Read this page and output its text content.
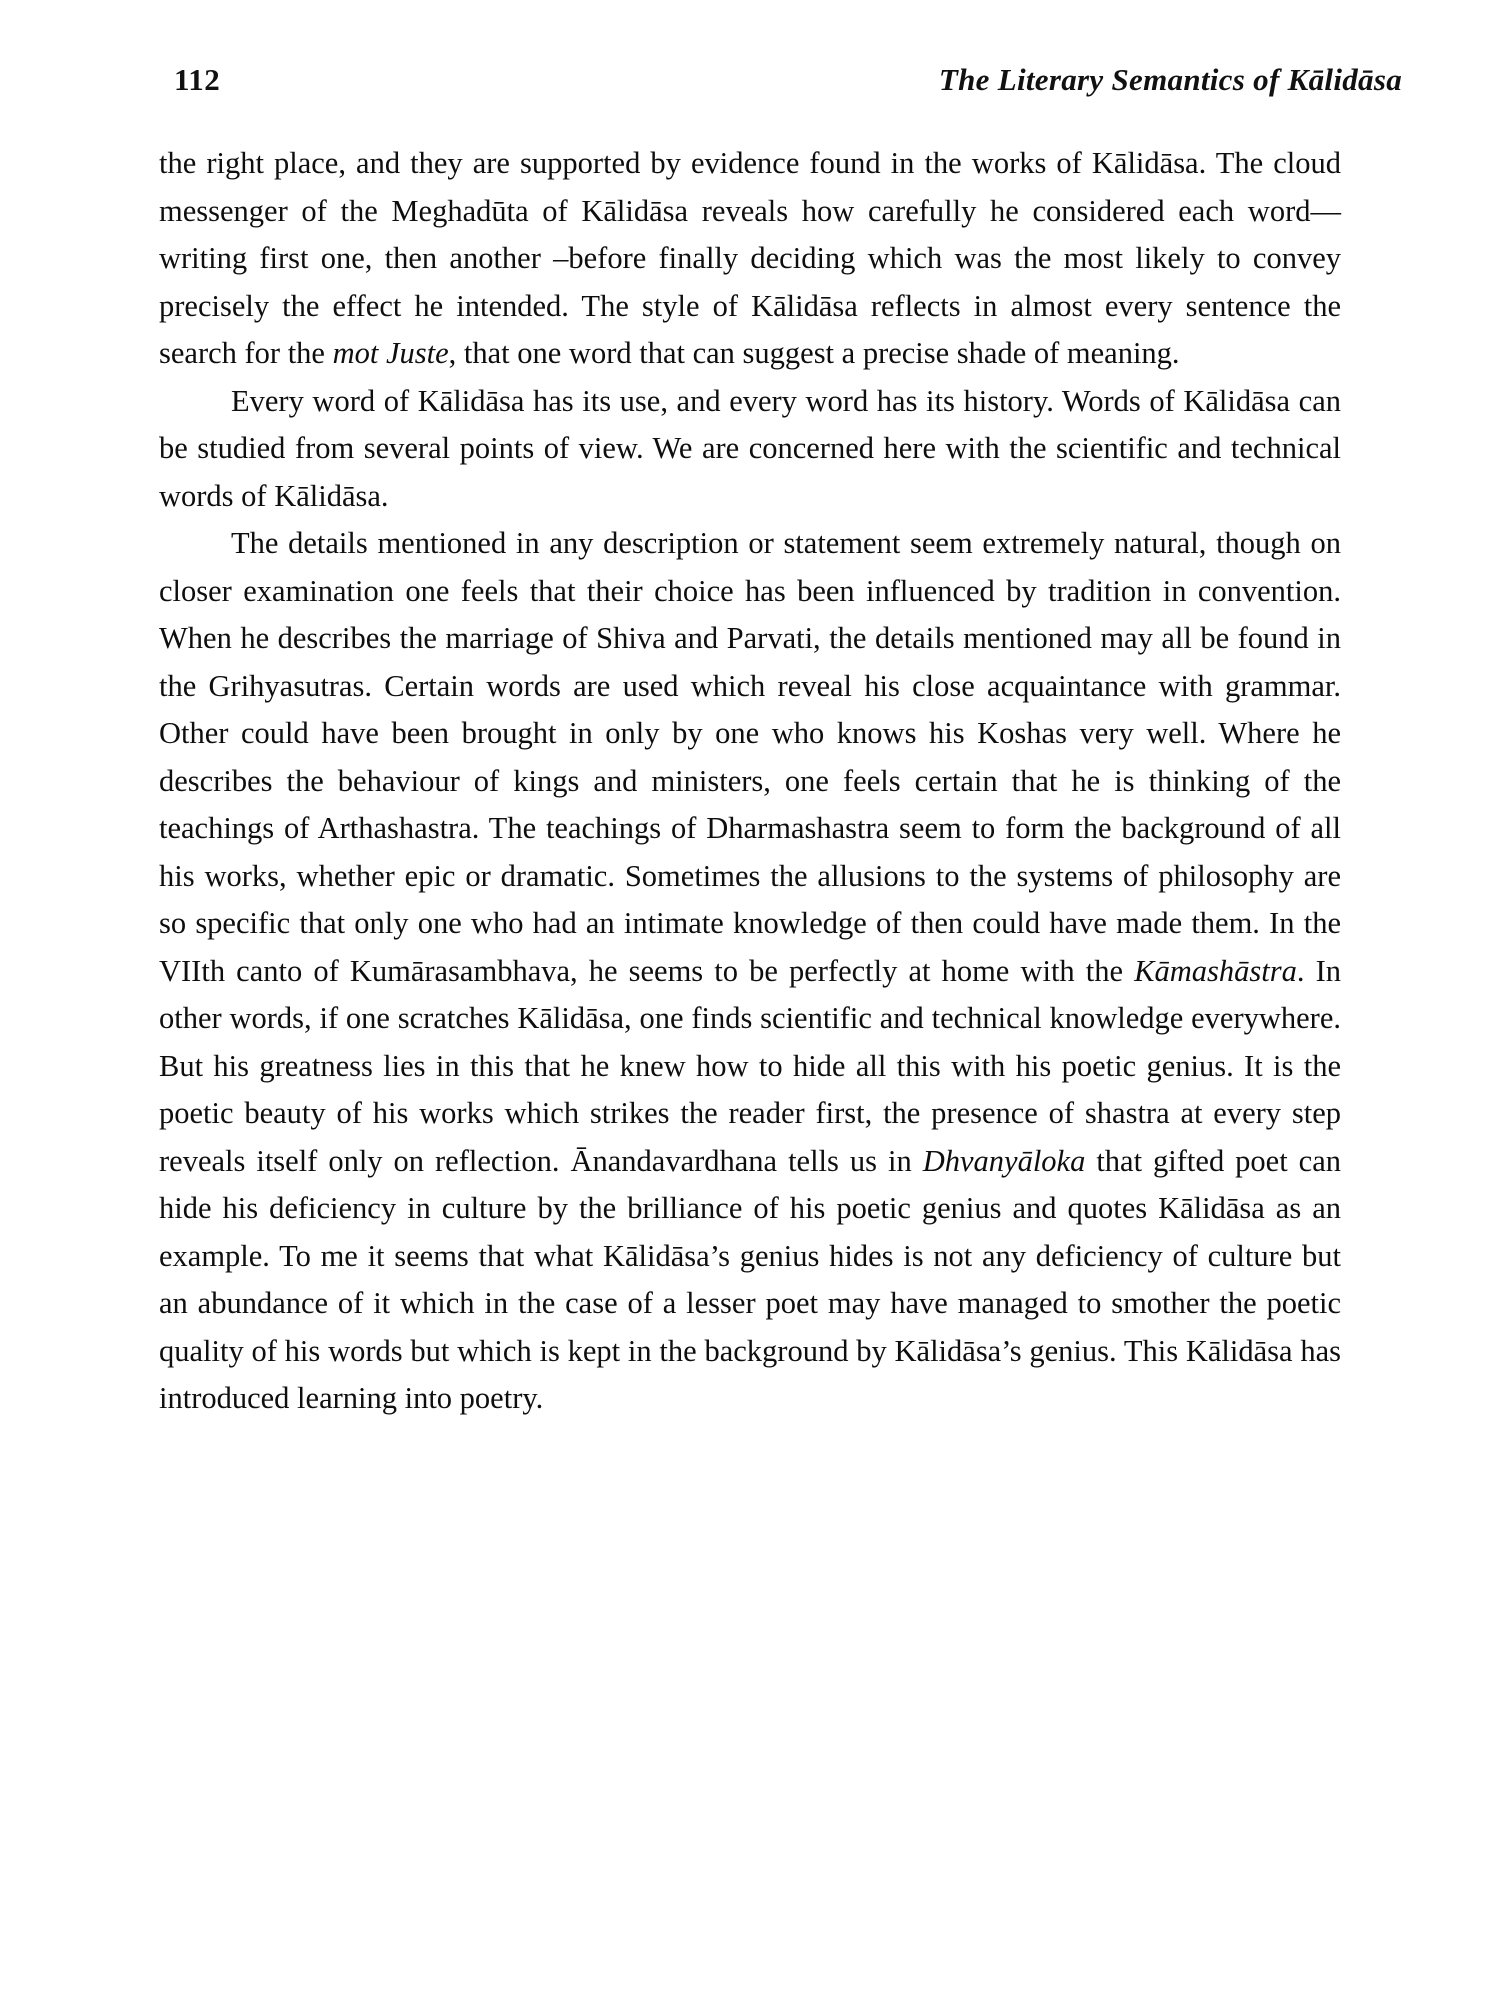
112	The Literary Semantics of Kālidāsa

the right place, and they are supported by evidence found in the works of Kālidāsa. The cloud messenger of the Meghadūta of Kālidāsa reveals how carefully he considered each word—writing first one, then another –before finally deciding which was the most likely to convey precisely the effect he intended. The style of Kālidāsa reflects in almost every sentence the search for the mot Juste, that one word that can suggest a precise shade of meaning.

Every word of Kālidāsa has its use, and every word has its history. Words of Kālidāsa can be studied from several points of view. We are concerned here with the scientific and technical words of Kālidāsa.

The details mentioned in any description or statement seem extremely natural, though on closer examination one feels that their choice has been influenced by tradition in convention. When he describes the marriage of Shiva and Parvati, the details mentioned may all be found in the Grihyasutras. Certain words are used which reveal his close acquaintance with grammar. Other could have been brought in only by one who knows his Koshas very well. Where he describes the behaviour of kings and ministers, one feels certain that he is thinking of the teachings of Arthashastra. The teachings of Dharmashastra seem to form the background of all his works, whether epic or dramatic. Sometimes the allusions to the systems of philosophy are so specific that only one who had an intimate knowledge of then could have made them. In the VIIth canto of Kumārasambhava, he seems to be perfectly at home with the Kāmashāstra. In other words, if one scratches Kālidāsa, one finds scientific and technical knowledge everywhere. But his greatness lies in this that he knew how to hide all this with his poetic genius. It is the poetic beauty of his works which strikes the reader first, the presence of shastra at every step reveals itself only on reflection. Ānandavardhana tells us in Dhvanyāloka that gifted poet can hide his deficiency in culture by the brilliance of his poetic genius and quotes Kālidāsa as an example. To me it seems that what Kālidāsa’s genius hides is not any deficiency of culture but an abundance of it which in the case of a lesser poet may have managed to smother the poetic quality of his words but which is kept in the background by Kālidāsa’s genius. This Kālidāsa has introduced learning into poetry.
